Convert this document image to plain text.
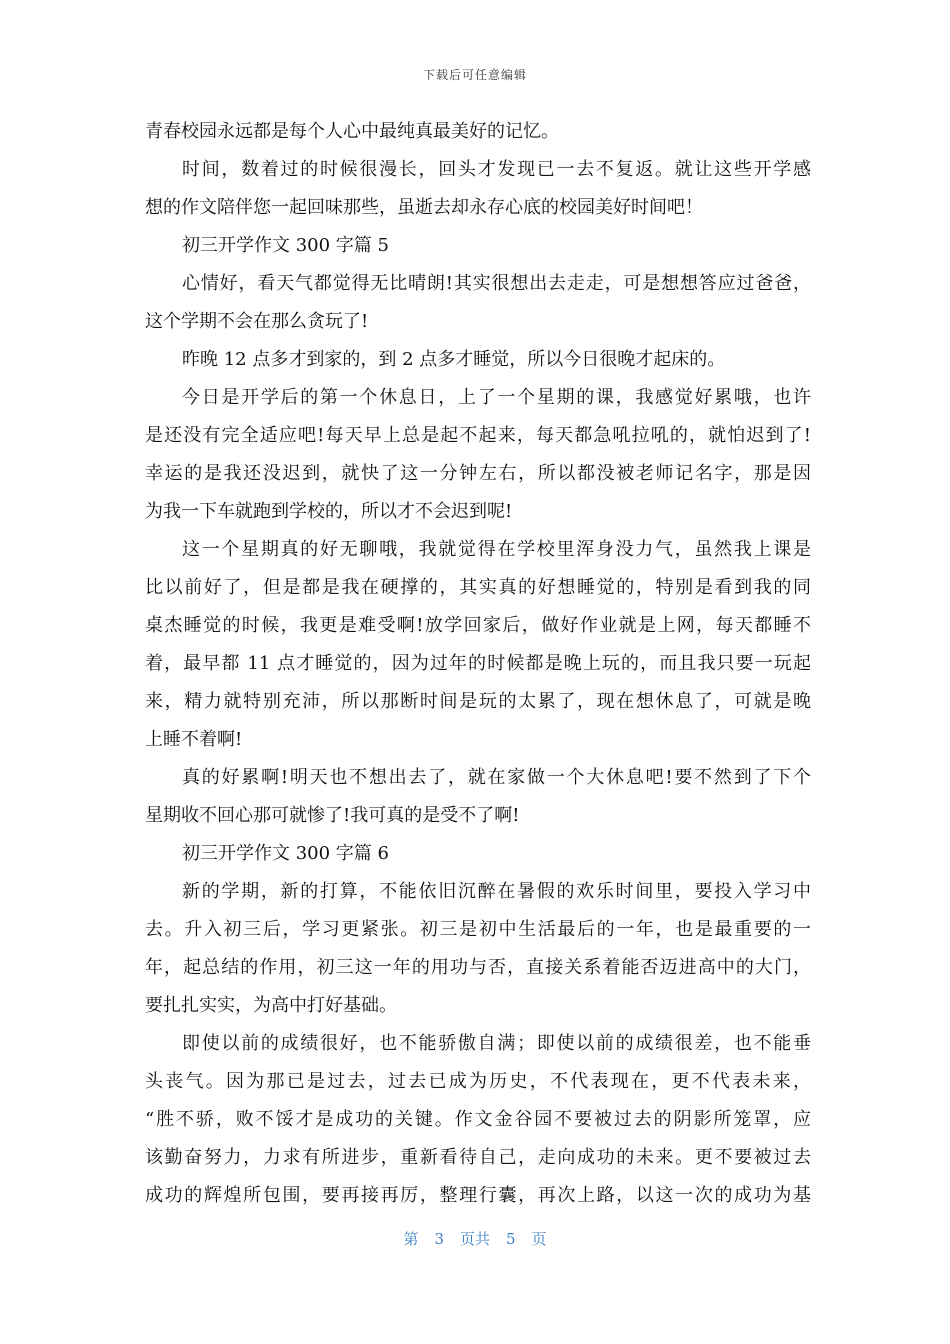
下载后可任意编辑
青春校园永远都是每个人心中最纯真最美好的记忆。
时间，数着过的时候很漫长，回头才发现已一去不复返。就让这些开学感
想的作文陪伴您一起回味那些，虽逝去却永存心底的校园美好时间吧！
初三开学作文 300 字篇 5
心情好，看天气都觉得无比晴朗!其实很想出去走走，可是想想答应过爸爸，
这个学期不会在那么贪玩了!
昨晚 12 点多才到家的，到 2 点多才睡觉，所以今日很晚才起床的。
今日是开学后的第一个休息日，上了一个星期的课，我感觉好累哦，也许
是还没有完全适应吧!每天早上总是起不起来，每天都急吼拉吼的，就怕迟到了!
幸运的是我还没迟到，就快了这一分钟左右，所以都没被老师记名字，那是因
为我一下车就跑到学校的，所以才不会迟到呢!
这一个星期真的好无聊哦，我就觉得在学校里浑身没力气，虽然我上课是
比以前好了，但是都是我在硬撑的，其实真的好想睡觉的，特别是看到我的同
桌杰睡觉的时候，我更是难受啊!放学回家后，做好作业就是上网，每天都睡不
着，最早都 11 点才睡觉的，因为过年的时候都是晚上玩的，而且我只要一玩起
来，精力就特别充沛，所以那断时间是玩的太累了，现在想休息了，可就是晚
上睡不着啊!
真的好累啊!明天也不想出去了，就在家做一个大休息吧!要不然到了下个
星期收不回心那可就惨了!我可真的是受不了啊!
初三开学作文 300 字篇 6
新的学期，新的打算，不能依旧沉醉在暑假的欢乐时间里，要投入学习中
去。升入初三后，学习更紧张。初三是初中生活最后的一年，也是最重要的一
年，起总结的作用，初三这一年的用功与否，直接关系着能否迈进高中的大门，
要扎扎实实，为高中打好基础。
即使以前的成绩很好，也不能骄傲自满；即使以前的成绩很差，也不能垂
头丧气。因为那已是过去，过去已成为历史，不代表现在，更不代表未来，
“胜不骄，败不馁才是成功的关键。作文金谷园不要被过去的阴影所笼罩，应
该勤奋努力，力求有所进步，重新看待自己，走向成功的未来。更不要被过去
成功的辉煌所包围，要再接再厉，整理行囊，再次上路，以这一次的成功为基
第 3 页共 5 页
